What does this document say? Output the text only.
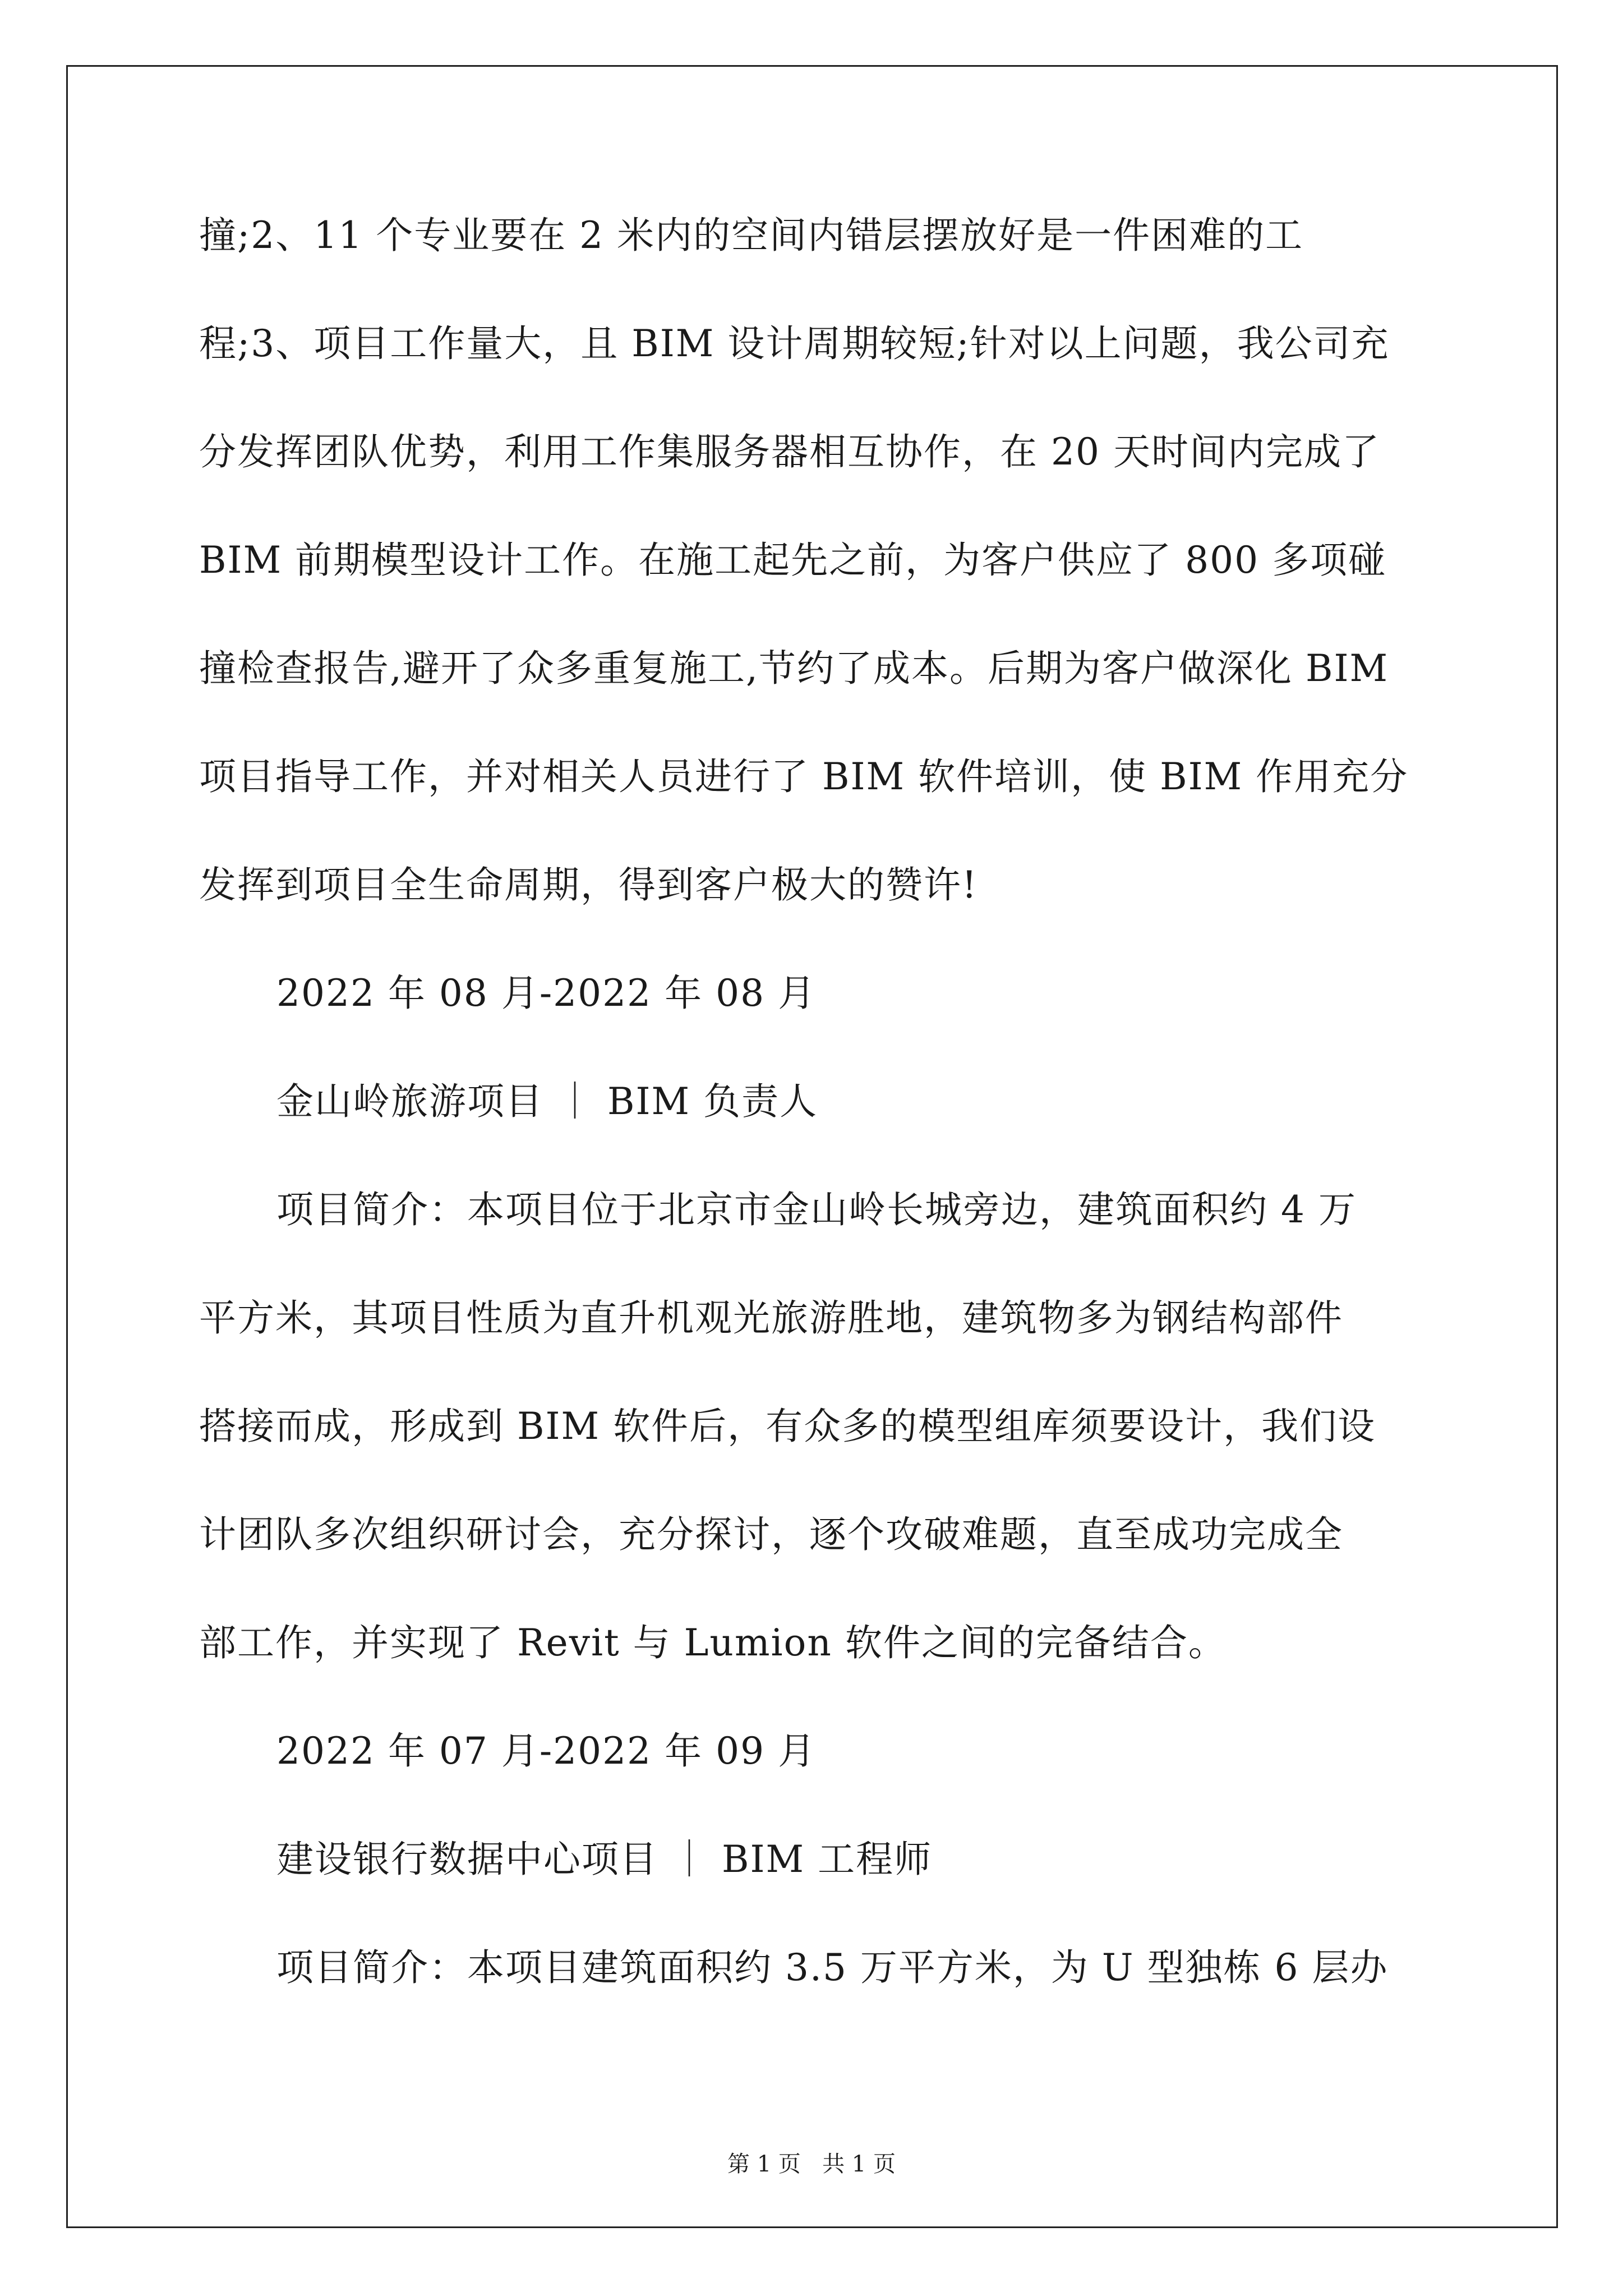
撞;2、11 个专业要在 2 米内的空间内错层摆放好是一件困难的工
程;3、项目工作量大，且 BIM 设计周期较短;针对以上问题，我公司充
分发挥团队优势，利用工作集服务器相互协作，在 20 天时间内完成了
BIM 前期模型设计工作。在施工起先之前，为客户供应了 800 多项碰
撞检查报告,避开了众多重复施工,节约了成本。后期为客户做深化 BIM
项目指导工作，并对相关人员进行了 BIM 软件培训，使 BIM 作用充分
发挥到项目全生命周期，得到客户极大的赞许!
2022 年 08 月-2022 年 08 月
金山岭旅游项目 ｜ BIM 负责人
项目简介：本项目位于北京市金山岭长城旁边，建筑面积约 4 万
平方米，其项目性质为直升机观光旅游胜地，建筑物多为钢结构部件
搭接而成，形成到 BIM 软件后，有众多的模型组库须要设计，我们设
计团队多次组织研讨会，充分探讨，逐个攻破难题，直至成功完成全
部工作，并实现了 Revit 与 Lumion 软件之间的完备结合。
2022 年 07 月-2022 年 09 月
建设银行数据中心项目 ｜ BIM 工程师
项目简介：本项目建筑面积约 3.5 万平方米，为 U 型独栋 6 层办
第 1 页   共 1 页
